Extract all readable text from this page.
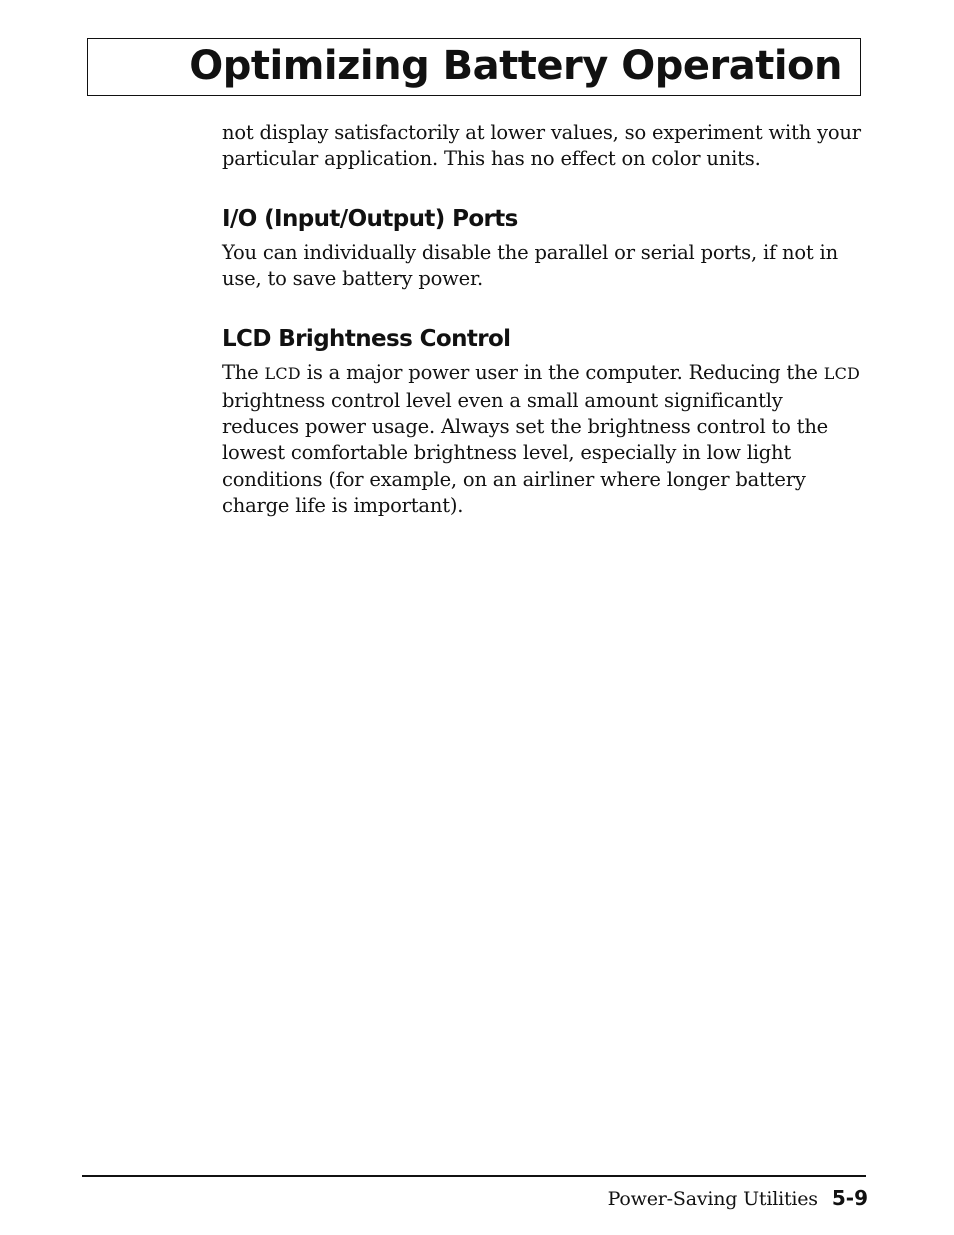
Optimizing Battery Operation

not display satisfactorily at lower values, so experiment with your particular application. This has no effect on color units.

I/O (Input/Output) Ports

You can individually disable the parallel or serial ports, if not in use, to save battery power.

LCD Brightness Control

The LCD is a major power user in the computer. Reducing the LCD brightness control level even a small amount significantly reduces power usage. Always set the brightness control to the lowest comfortable brightness level, especially in low light conditions (for example, on an airliner where longer battery charge life is important).

Power-Saving Utilities 5-9
